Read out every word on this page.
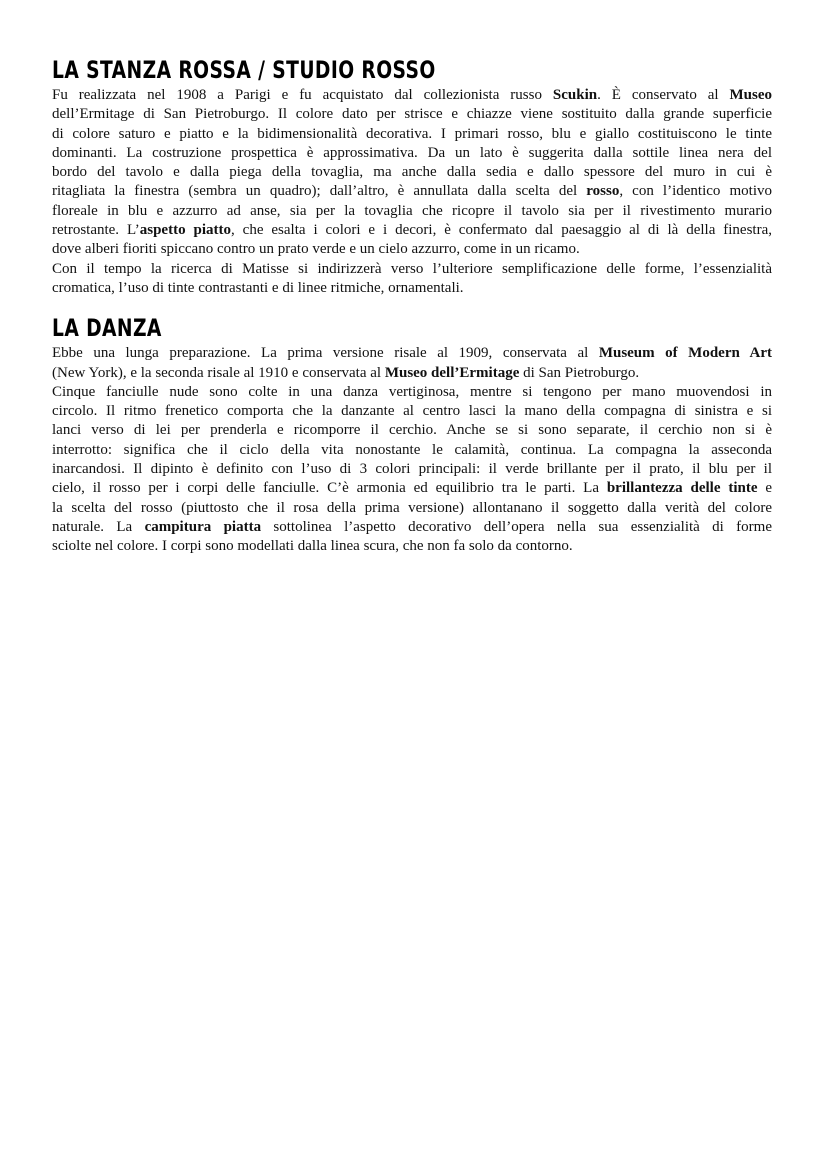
LA STANZA ROSSA / STUDIO ROSSO

Fu realizzata nel 1908 a Parigi e fu acquistato dal collezionista russo Scukin. È conservato al Museo
dell’Ermitage di San Pietroburgo. Il colore dato per strisce e chiazze viene sostituito dalla grande superficie
di colore saturo e piatto e la bidimensionalità decorativa. I primari rosso, blu e giallo costituiscono le tinte
dominanti. La costruzione prospettica è approssimativa. Da un lato è suggerita dalla sottile linea nera del
bordo del tavolo e dalla piega della tovaglia, ma anche dalla sedia e dallo spessore del muro in cui è
ritagliata la finestra (sembra un quadro); dall’altro, è annullata dalla scelta del rosso, con l’identico motivo
floreale in blu e azzurro ad anse, sia per la tovaglia che ricopre il tavolo sia per il rivestimento murario
retrostante. L’aspetto piatto, che esalta i colori e i decori, è confermato dal paesaggio al di là della finestra,
dove alberi fioriti spiccano contro un prato verde e un cielo azzurro, come in un ricamo.
Con il tempo la ricerca di Matisse si indirizzerà verso l’ulteriore semplificazione delle forme, l’essenzialità
cromatica, l’uso di tinte contrastanti e di linee ritmiche, ornamentali.

LA DANZA

Ebbe una lunga preparazione. La prima versione risale al 1909, conservata al Museum of Modern Art
(New York), e la seconda risale al 1910 e conservata al Museo dell’Ermitage di San Pietroburgo.
Cinque fanciulle nude sono colte in una danza vertiginosa, mentre si tengono per mano muovendosi in
circolo. Il ritmo frenetico comporta che la danzante al centro lasci la mano della compagna di sinistra e si
lanci verso di lei per prenderla e ricomporre il cerchio. Anche se si sono separate, il cerchio non si è
interrotto: significa che il ciclo della vita nonostante le calamità, continua. La compagna la asseconda
inarcandosi. Il dipinto è definito con l’uso di 3 colori principali: il verde brillante per il prato, il blu per il
cielo, il rosso per i corpi delle fanciulle. C’è armonia ed equilibrio tra le parti. La brillantezza delle tinte e
la scelta del rosso (piuttosto che il rosa della prima versione) allontanano il soggetto dalla verità del colore
naturale. La campitura piatta sottolinea l’aspetto decorativo dell’opera nella sua essenzialità di forme
sciolte nel colore. I corpi sono modellati dalla linea scura, che non fa solo da contorno.
